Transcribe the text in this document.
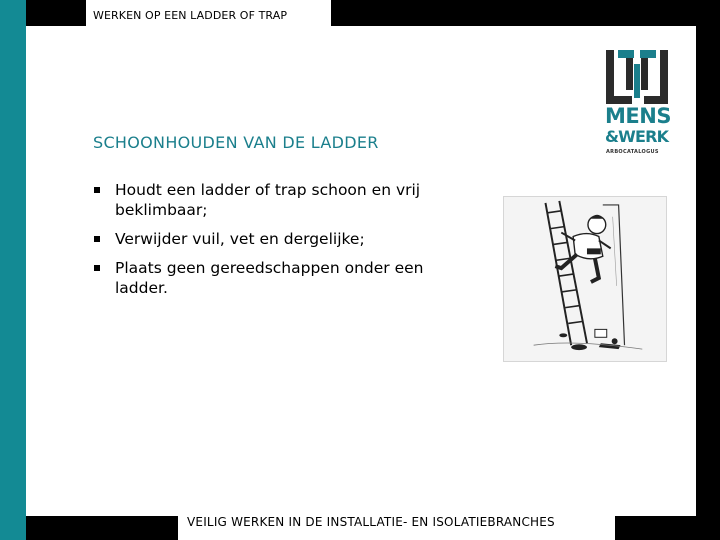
WERKEN OP EEN LADDER OF TRAP
SCHOONHOUDEN VAN DE LADDER
Houdt een ladder of trap schoon en vrij beklimbaar;
Verwijder vuil, vet en dergelijke;
Plaats geen gereedschappen onder een ladder.
MENS
&WERK
ARBOCATALOGUS
VEILIG WERKEN IN DE INSTALLATIE- EN ISOLATIEBRANCHES
